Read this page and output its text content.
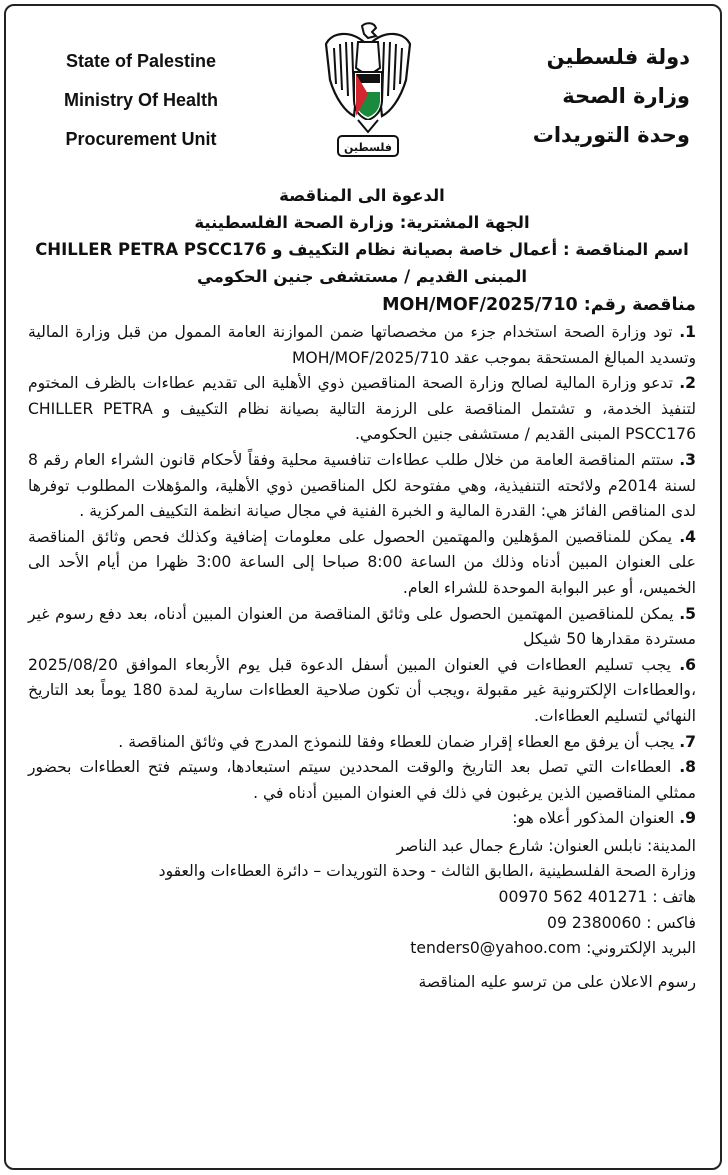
State of Palestine
Ministry Of Health
Procurement Unit	فلسطين
دولة فلسطين
وزارة الصحة
وحدة التوريدات

الدعوة الى المناقصة

الجهة المشترية: وزارة الصحة الفلسطينية

اسم المناقصة : أعمال خاصة بصيانة نظام التكييف و CHILLER PETRA PSCC176

المبنى القديم / مستشفى جنين الحكومي

مناقصة رقم: MOH/MOF/2025/710

1. تود وزارة الصحة استخدام جزء من مخصصاتها ضمن الموازنة العامة الممول من قبل وزارة المالية وتسديد المبالغ المستحقة بموجب عقد MOH/MOF/2025/710

2. تدعو وزارة المالية لصالح وزارة الصحة المناقصين ذوي الأهلية الى تقديم عطاءات بالظرف المختوم لتنفيذ الخدمة، و تشتمل المناقصة على الرزمة التالية بصيانة نظام التكييف و CHILLER PETRA PSCC176 المبنى القديم / مستشفى جنين الحكومي.

3. ستتم المناقصة العامة من خلال طلب عطاءات تنافسية محلية وفقاً لأحكام قانون الشراء العام رقم 8 لسنة 2014م ولائحته التنفيذية، وهي مفتوحة لكل المناقصين ذوي الأهلية، والمؤهلات المطلوب توفرها لدى المناقص الفائز هي: القدرة المالية و الخبرة الفنية في مجال صيانة انظمة التكييف المركزية .

4. يمكن للمناقصين المؤهلين والمهتمين الحصول على معلومات إضافية وكذلك فحص وثائق المناقصة على العنوان المبين أدناه وذلك من الساعة 8:00 صباحا إلى الساعة 3:00 ظهرا من أيام الأحد الى الخميس، أو عبر البوابة الموحدة للشراء العام.

5. يمكن للمناقصين المهتمين الحصول على وثائق المناقصة من العنوان المبين أدناه، بعد دفع رسوم غير مستردة مقدارها 50 شيكل

6. يجب تسليم العطاءات في العنوان المبين أسفل الدعوة قبل يوم الأربعاء الموافق 2025/08/20 ،والعطاءات الإلكترونية غير مقبولة ،ويجب أن تكون صلاحية العطاءات سارية لمدة 180 يوماً بعد التاريخ النهائي لتسليم العطاءات.

7. يجب أن يرفق مع العطاء إقرار ضمان للعطاء وفقا للنموذج المدرج في وثائق المناقصة .

8. العطاءات التي تصل بعد التاريخ والوقت المحددين سيتم استبعادها، وسيتم فتح العطاءات بحضور ممثلي المناقصين الذين يرغبون في ذلك في العنوان المبين أدناه في .

9. العنوان المذكور أعلاه هو:

المدينة: نابلس العنوان: شارع جمال عبد الناصر

وزارة الصحة الفلسطينية ،الطابق الثالث - وحدة التوريدات – دائرة العطاءات والعقود

هاتف : 00970 562 401271

فاكس : 09 2380060

البريد الإلكتروني: tenders0@yahoo.com

رسوم الاعلان على من ترسو عليه المناقصة
